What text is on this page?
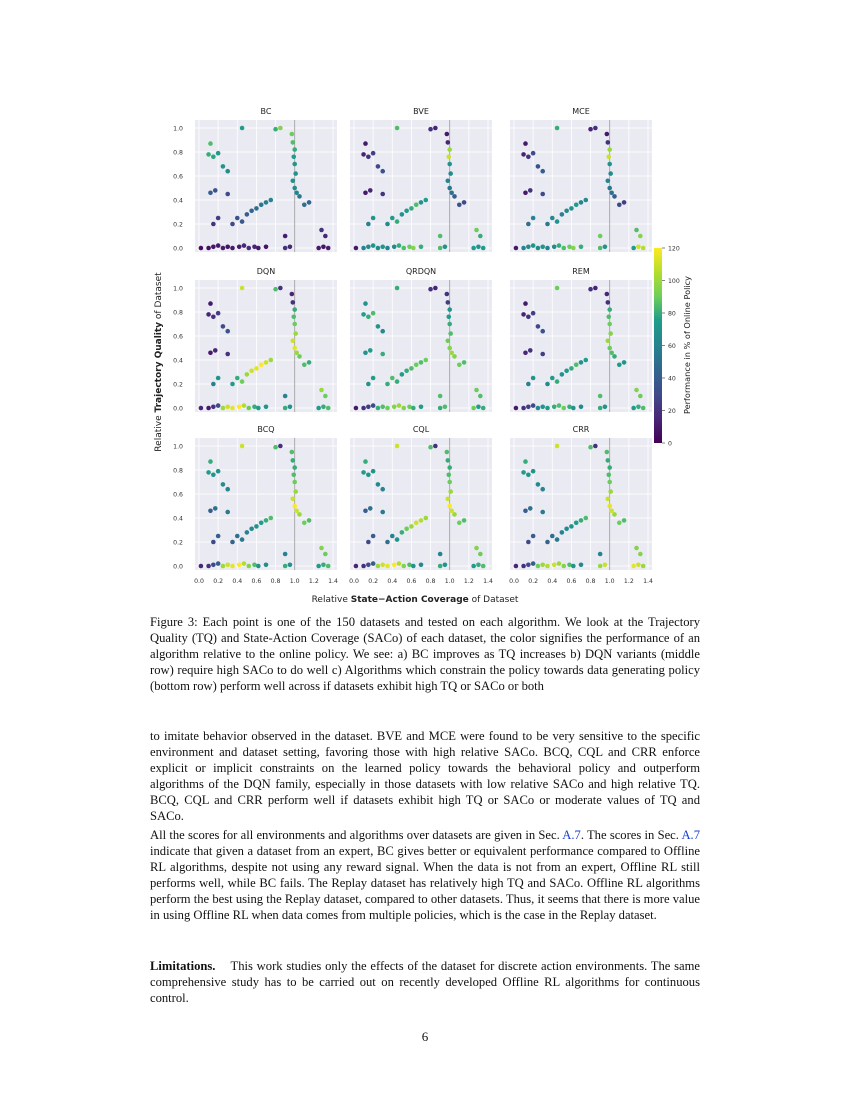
BC
0.0
0.2
0.4
0.6
0.8
1.0
BVE	MCE
DQN
0.0
0.2
0.4
0.6
0.8
1.0
QRDQN	REM
BCQ
0.0
0.2
0.4
0.6
0.8
1.0
0.0 0.2 0.4 0.6 0.8 1.0 1.2 1.4
CQL
0.0 0.2 0.4 0.6 0.8 1.0 1.2 1.4
CRR
0.0 0.2 0.4 0.6 0.8 1.0 1.2 1.4
Relative Trajectory Quality of Dataset
Relative State−Action Coverage of Dataset
0
20
40
60
80
100
120
Performance in % of Online Policy
Figure 3: Each point is one of the 150 datasets and tested on each algorithm. We look at the Trajectory Quality (TQ) and State-Action Coverage (SACo) of each dataset, the color signifies the performance of an algorithm relative to the online policy. We see: a) BC improves as TQ increases b) DQN variants (middle row) require high SACo to do well c) Algorithms which constrain the policy towards data generating policy (bottom row) perform well across if datasets exhibit high TQ or SACo or both

to imitate behavior observed in the dataset. BVE and MCE were found to be very sensitive to the specific environment and dataset setting, favoring those with high relative SACo. BCQ, CQL and CRR enforce explicit or implicit constraints on the learned policy towards the behavioral policy and outperform algorithms of the DQN family, especially in those datasets with low relative SACo and high relative TQ. BCQ, CQL and CRR perform well if datasets exhibit high TQ or SACo or moderate values of TQ and SACo.

All the scores for all environments and algorithms over datasets are given in Sec. A.7. The scores in Sec. A.7 indicate that given a dataset from an expert, BC gives better or equivalent performance compared to Offline RL algorithms, despite not using any reward signal. When the data is not from an expert, Offline RL still performs well, while BC fails. The Replay dataset has relatively high TQ and SACo. Offline RL algorithms perform the best using the Replay dataset, compared to other datasets. Thus, it seems that there is more value in using Offline RL when data comes from multiple policies, which is the case in the Replay dataset.

Limitations. This work studies only the effects of the dataset for discrete action environments. The same comprehensive study has to be carried out on recently developed Offline RL algorithms for continuous control.

6
